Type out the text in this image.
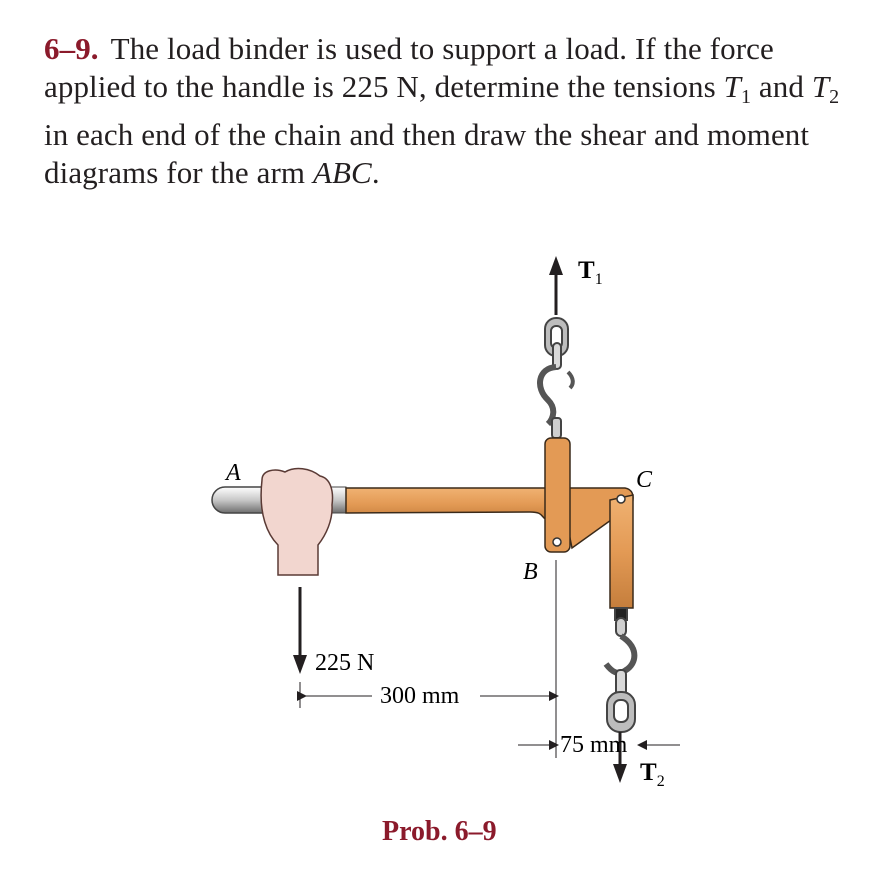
6–9. The load binder is used to support a load. If the force applied to the handle is 225 N, determine the tensions $T_1$ and $T_2$ in each end of the chain and then draw the shear and moment diagrams for the arm ABC.
$T_1$
$T_2$
225 N
300 mm
75 mm
A
B
C
Prob. 6–9
